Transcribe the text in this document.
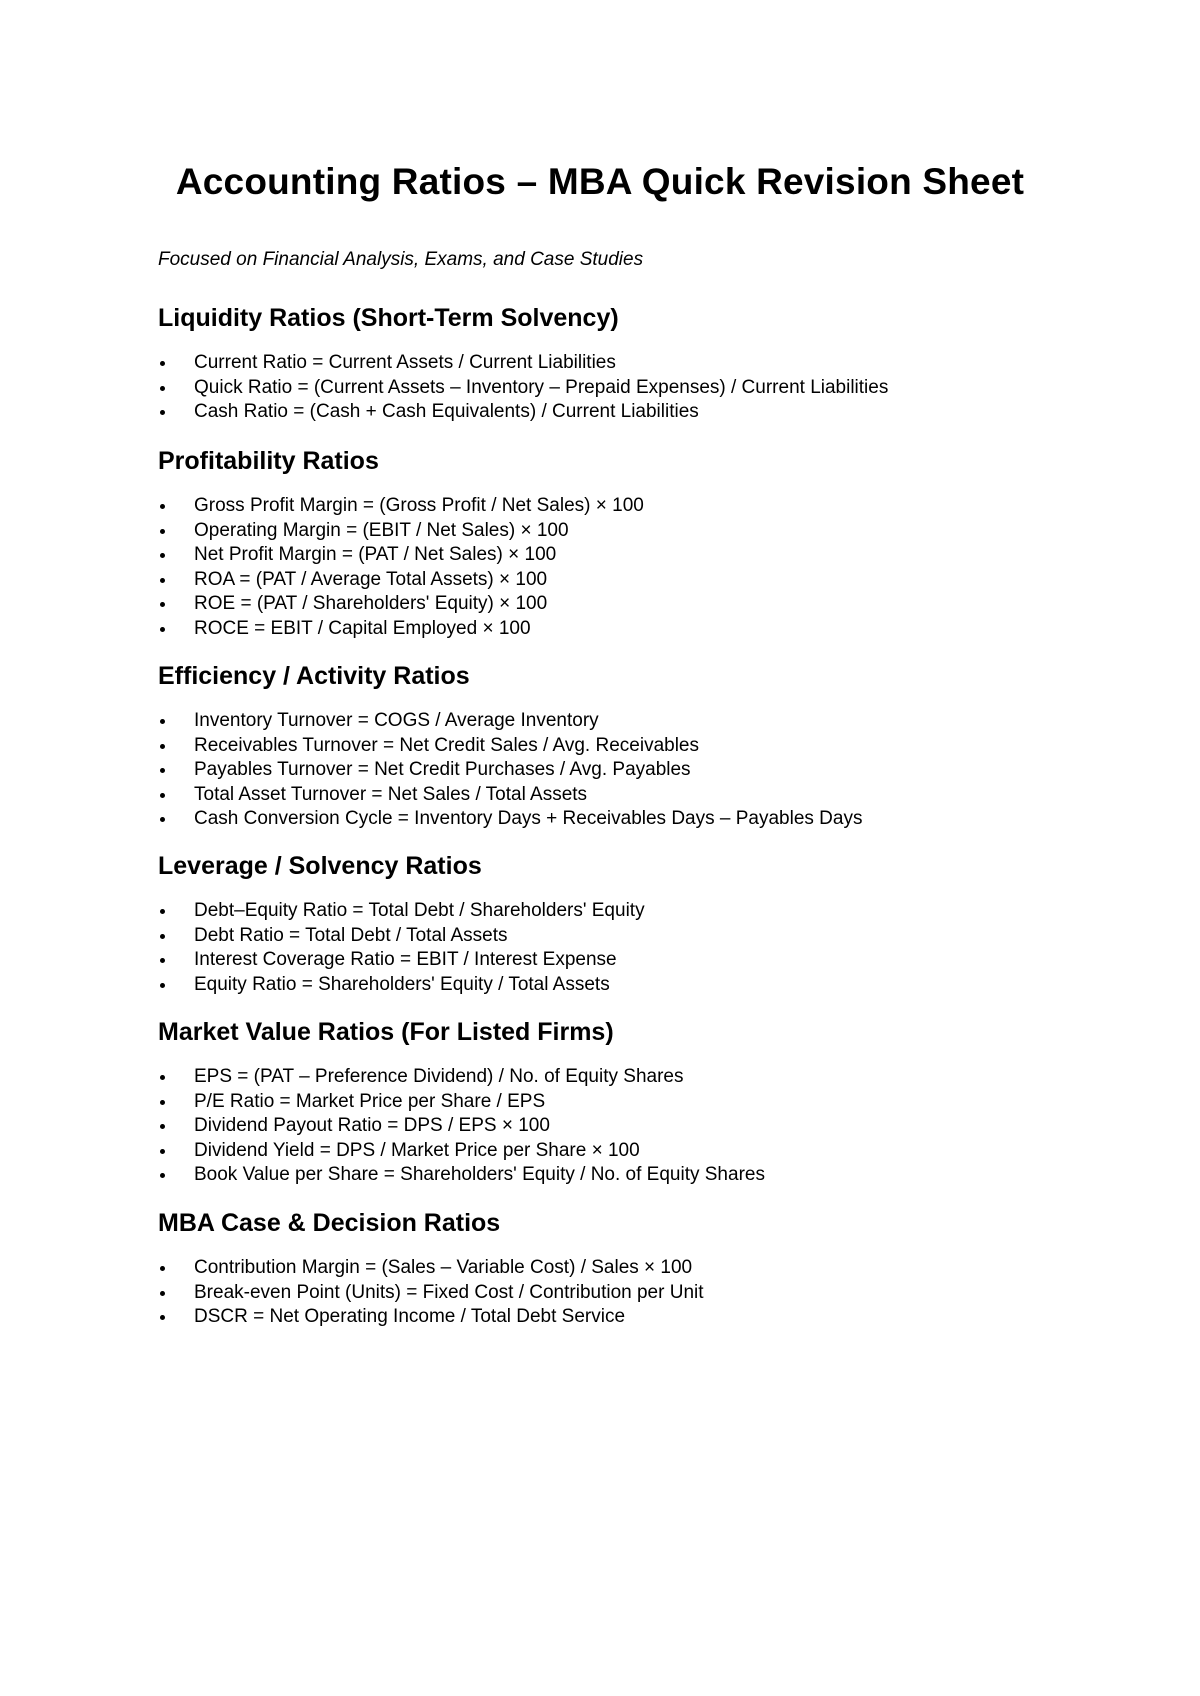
Accounting Ratios – MBA Quick Revision Sheet

Focused on Financial Analysis, Exams, and Case Studies

Liquidity Ratios (Short-Term Solvency)
Current Ratio = Current Assets / Current Liabilities
Quick Ratio = (Current Assets – Inventory – Prepaid Expenses) / Current Liabilities
Cash Ratio = (Cash + Cash Equivalents) / Current Liabilities
Profitability Ratios
Gross Profit Margin = (Gross Profit / Net Sales) × 100
Operating Margin = (EBIT / Net Sales) × 100
Net Profit Margin = (PAT / Net Sales) × 100
ROA = (PAT / Average Total Assets) × 100
ROE = (PAT / Shareholders' Equity) × 100
ROCE = EBIT / Capital Employed × 100
Efficiency / Activity Ratios
Inventory Turnover = COGS / Average Inventory
Receivables Turnover = Net Credit Sales / Avg. Receivables
Payables Turnover = Net Credit Purchases / Avg. Payables
Total Asset Turnover = Net Sales / Total Assets
Cash Conversion Cycle = Inventory Days + Receivables Days – Payables Days
Leverage / Solvency Ratios
Debt–Equity Ratio = Total Debt / Shareholders' Equity
Debt Ratio = Total Debt / Total Assets
Interest Coverage Ratio = EBIT / Interest Expense
Equity Ratio = Shareholders' Equity / Total Assets
Market Value Ratios (For Listed Firms)
EPS = (PAT – Preference Dividend) / No. of Equity Shares
P/E Ratio = Market Price per Share / EPS
Dividend Payout Ratio = DPS / EPS × 100
Dividend Yield = DPS / Market Price per Share × 100
Book Value per Share = Shareholders' Equity / No. of Equity Shares
MBA Case & Decision Ratios
Contribution Margin = (Sales – Variable Cost) / Sales × 100
Break-even Point (Units) = Fixed Cost / Contribution per Unit
DSCR = Net Operating Income / Total Debt Service
